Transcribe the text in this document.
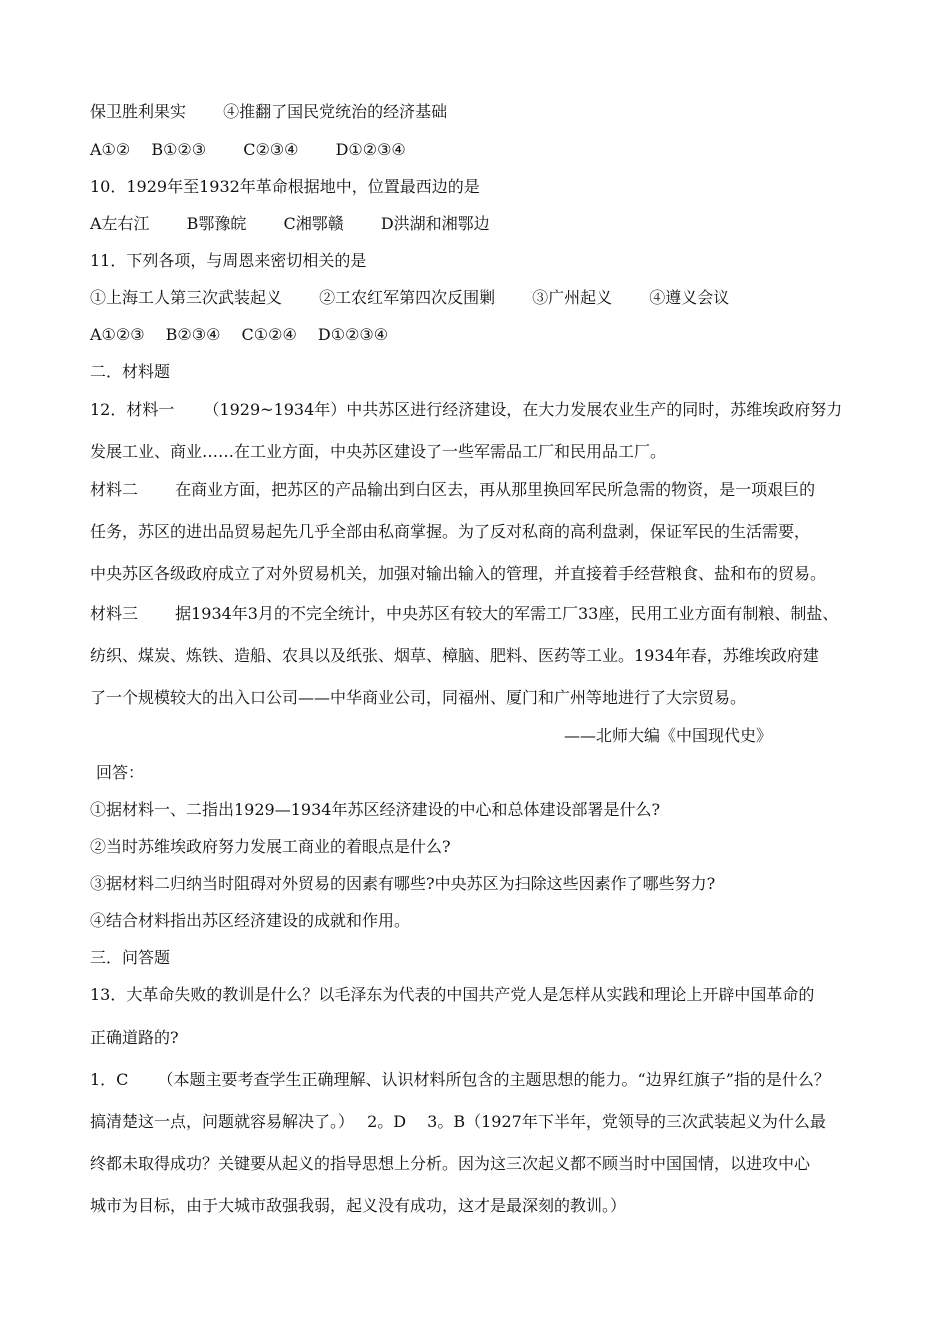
保卫胜利果实　 　④推翻了国民党统治的经济基础

A①②　 B①②③　 　C②③④　 　D①②③④

10．1929年至1932年革命根据地中，位置最西边的是

A左右江　 　B鄂豫皖　 　C湘鄂赣　 　D洪湖和湘鄂边

11．下列各项，与周恩来密切相关的是

①上海工人第三次武装起义　 　②工农红军第四次反围剿　 　③广州起义　 　④遵义会议

A①②③　 B②③④　 C①②④　 D①②③④

二．材料题

12．材料一　 　（1929~1934年）中共苏区进行经济建设，在大力发展农业生产的同时，苏维埃政府努力

发展工业、商业……在工业方面，中央苏区建设了一些军需品工厂和民用品工厂。

材料二　 　在商业方面，把苏区的产品输出到白区去，再从那里换回军民所急需的物资，是一项艰巨的

任务，苏区的进出品贸易起先几乎全部由私商掌握。为了反对私商的高利盘剥，保证军民的生活需要，

中央苏区各级政府成立了对外贸易机关，加强对输出输入的管理，并直接着手经营粮食、盐和布的贸易。

材料三　 　据1934年3月的不完全统计，中央苏区有较大的军需工厂33座，民用工业方面有制粮、制盐、

纺织、煤炭、炼铁、造船、农具以及纸张、烟草、樟脑、肥料、医药等工业。1934年春，苏维埃政府建

了一个规模较大的出入口公司——中华商业公司，同福州、厦门和广州等地进行了大宗贸易。

——北师大编《中国现代史》

回答：

①据材料一、二指出1929—1934年苏区经济建设的中心和总体建设部署是什么?

②当时苏维埃政府努力发展工商业的着眼点是什么?

③据材料二归纳当时阻碍对外贸易的因素有哪些?中央苏区为扫除这些因素作了哪些努力?

④结合材料指出苏区经济建设的成就和作用。

三．问答题

13．大革命失败的教训是什么？以毛泽东为代表的中国共产党人是怎样从实践和理论上开辟中国革命的

正确道路的?

1．C　 　（本题主要考查学生正确理解、认识材料所包含的主题思想的能力。“边界红旗子”指的是什么？

搞清楚这一点，问题就容易解决了。）　 2。D　 3。B（1927年下半年，党领导的三次武装起义为什么最

终都未取得成功？关键要从起义的指导思想上分析。因为这三次起义都不顾当时中国国情，以进攻中心

城市为目标，由于大城市敌强我弱，起义没有成功，这才是最深刻的教训。）
